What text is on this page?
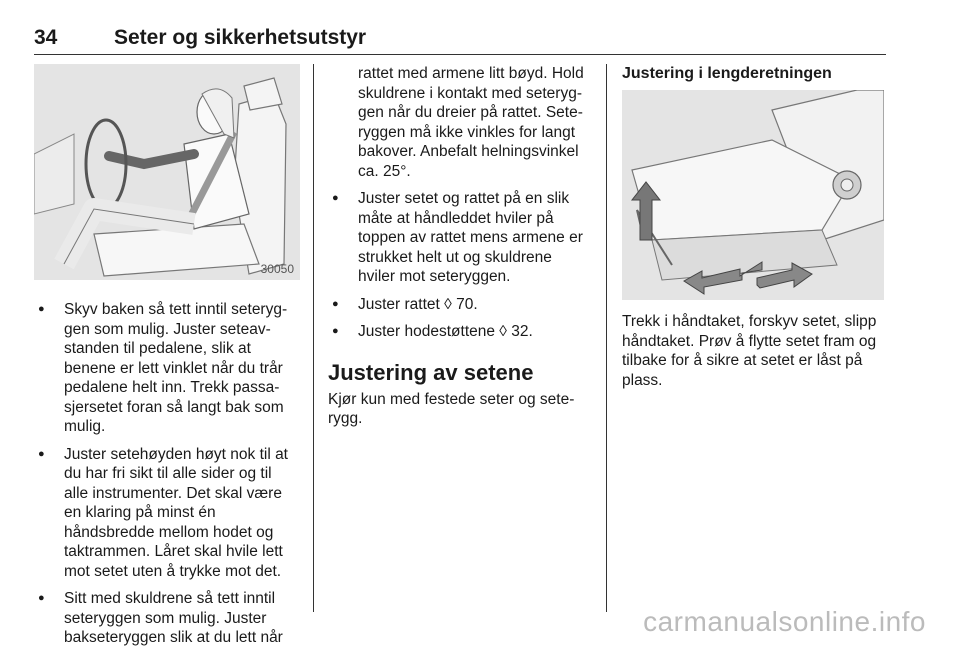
34	Seter og sikkerhetsutstyr
30050
● Skyv baken så tett inntil seteryg-gen som mulig. Juster seteav-standen til pedalene, slik at benene er lett vinklet når du trår pedalene helt inn. Trekk passa-sjersetet foran så langt bak som mulig.
● Juster setehøyden høyt nok til at du har fri sikt til alle sider og til alle instrumenter. Det skal være en klaring på minst én håndsbredde mellom hodet og taktrammen. Låret skal hvile lett mot setet uten å trykke mot det.
● Sitt med skuldrene så tett inntil seteryggen som mulig. Juster bakseteryggen slik at du lett når

rattet med armene litt bøyd. Hold skuldrene i kontakt med seteryg-gen når du dreier på rattet. Sete-ryggen må ikke vinkles for langt bakover. Anbefalt helningsvinkel ca. 25°.

● Juster setet og rattet på en slik måte at håndleddet hviler på toppen av rattet mens armene er strukket helt ut og skuldrene hviler mot seteryggen.
● Juster rattet ◊ 70.
● Juster hodestøttene ◊ 32.
Justering av setene

Kjør kun med festede seter og sete-rygg.

Justering i lengderetningen

Trekk i håndtaket, forskyv setet, slipp håndtaket. Prøv å flytte setet fram og tilbake for å sikre at setet er låst på plass.

carmanualsonline.info
